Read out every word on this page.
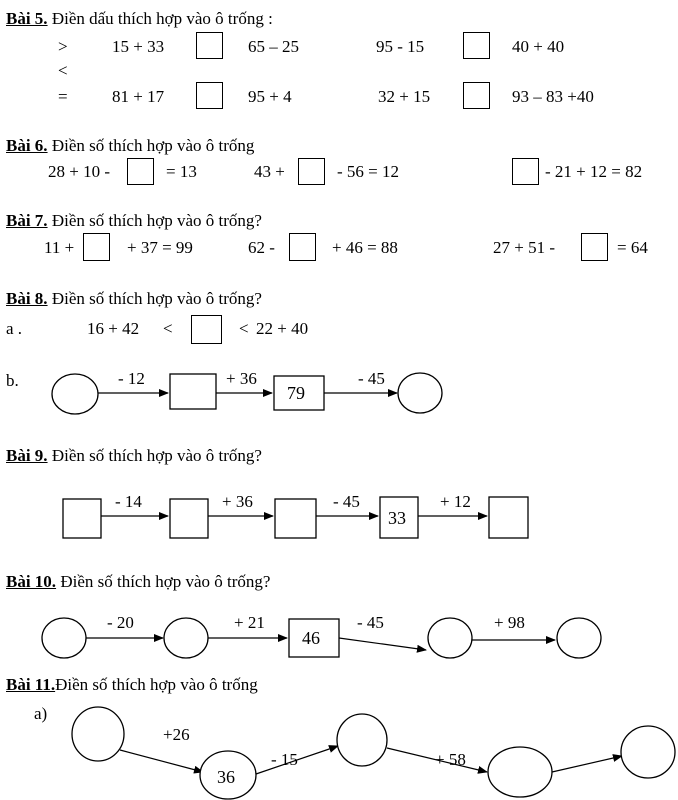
Bài 5. Điền dấu thích hợp vào ô trống :
>
<
=
15 + 33	65 – 25	95 - 15	40 + 40
81 + 17	95 + 4	32 + 15	93 – 83 +40
Bài 6. Điền số thích hợp vào ô trống
28 + 10 -	= 13	43 +	- 56 = 12	- 21 + 12 = 82
Bài 7. Điền số thích hợp vào ô trống?
11 +	+ 37 = 99	62 -	+ 46 = 88	27 + 51 -	= 64
Bài 8. Điền số thích hợp vào ô trống?
a .	16 + 42 <	< 22 + 40
b.
Bài 9. Điền số thích hợp vào ô trống?
Bài 10. Điền số thích hợp vào ô trống?
Bài 11.Điền số thích hợp vào ô trống
a)
- 12	+ 36
79
- 45
- 14	+ 36	- 45
33
+ 12
- 20	+ 21
46
- 45	+ 98
+26
36
- 15	+ 58
